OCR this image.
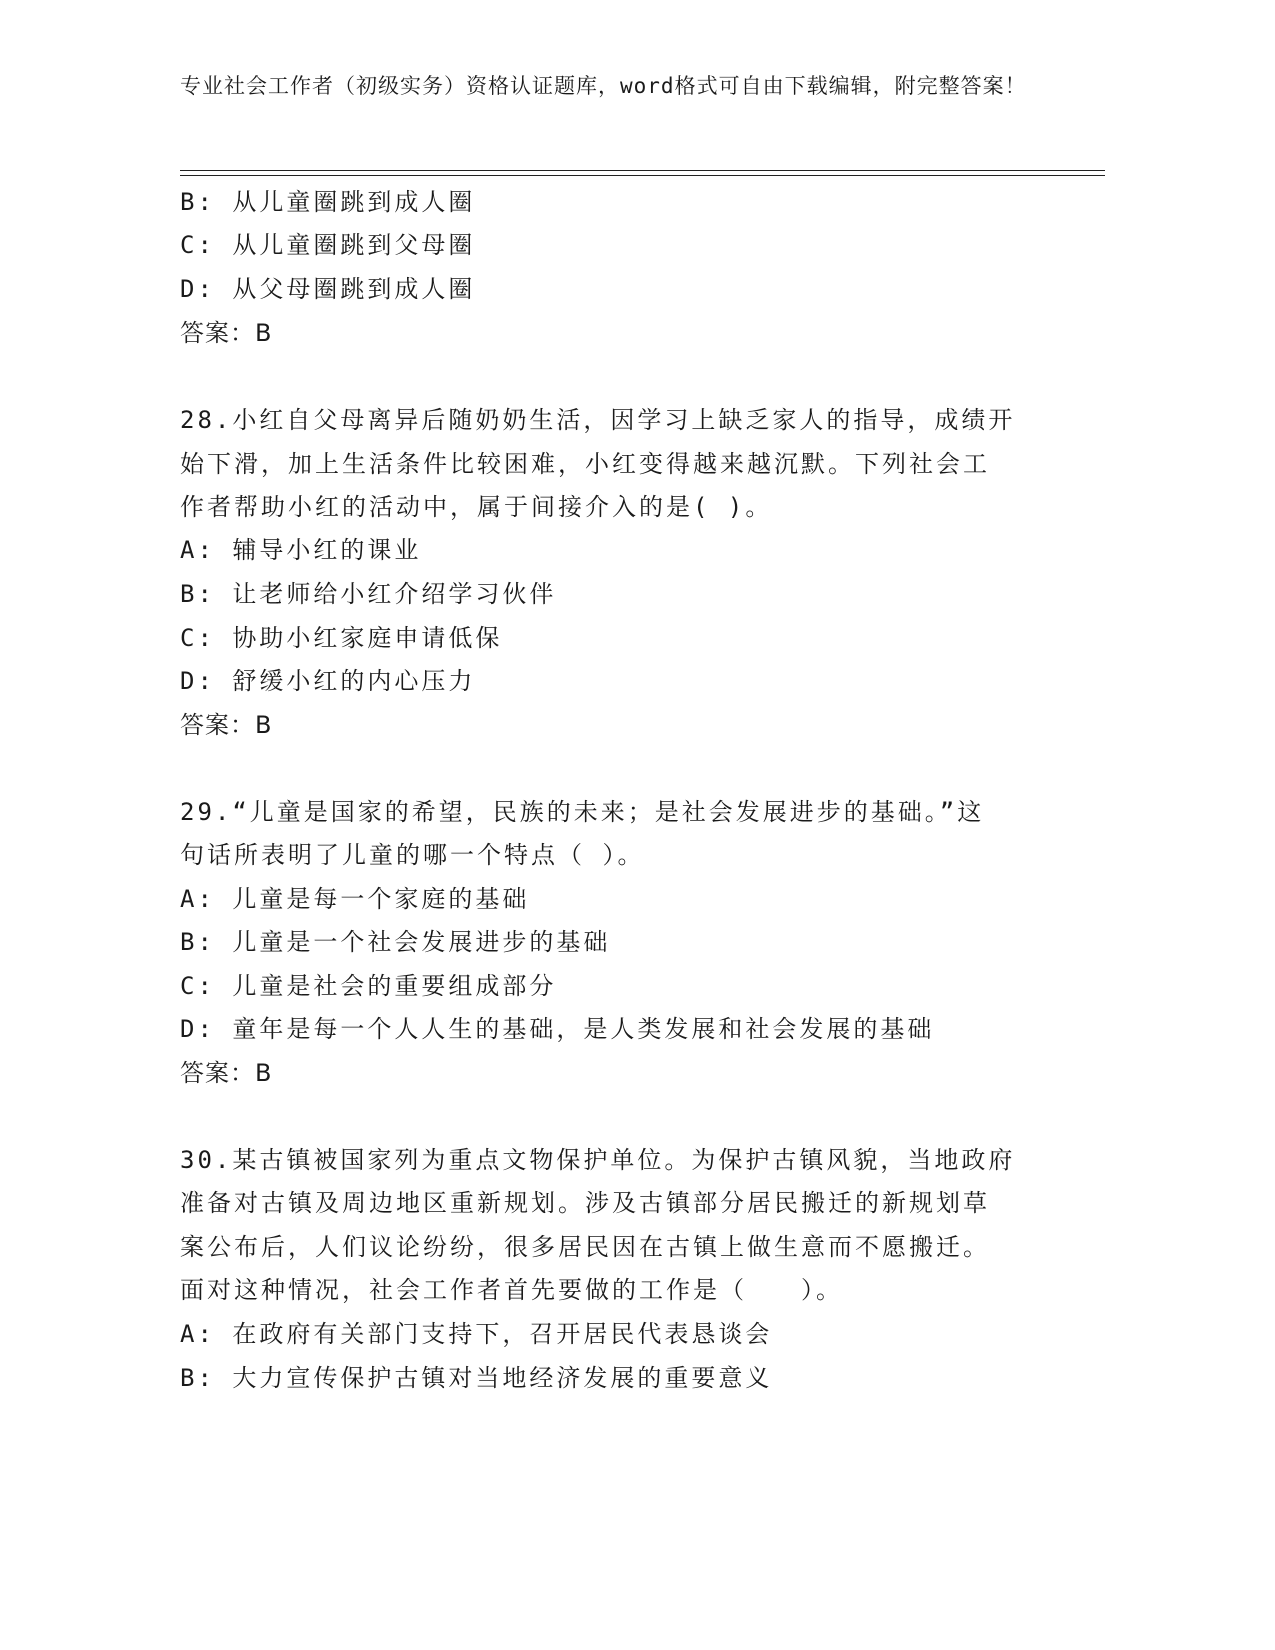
专业社会工作者（初级实务）资格认证题库，word格式可自由下载编辑，附完整答案！
B: 从儿童圈跳到成人圈
C: 从儿童圈跳到父母圈
D: 从父母圈跳到成人圈
答案：B
28.小红自父母离异后随奶奶生活，因学习上缺乏家人的指导，成绩开
始下滑，加上生活条件比较困难，小红变得越来越沉默。下列社会工
作者帮助小红的活动中，属于间接介入的是( )。
A: 辅导小红的课业
B: 让老师给小红介绍学习伙伴
C: 协助小红家庭申请低保
D: 舒缓小红的内心压力
答案：B
29.“儿童是国家的希望，民族的未来；是社会发展进步的基础。”这
句话所表明了儿童的哪一个特点（ ）。
A: 儿童是每一个家庭的基础
B: 儿童是一个社会发展进步的基础
C: 儿童是社会的重要组成部分
D: 童年是每一个人人生的基础，是人类发展和社会发展的基础
答案：B
30.某古镇被国家列为重点文物保护单位。为保护古镇风貌，当地政府
准备对古镇及周边地区重新规划。涉及古镇部分居民搬迁的新规划草
案公布后，人们议论纷纷，很多居民因在古镇上做生意而不愿搬迁。
面对这种情况，社会工作者首先要做的工作是（　　）。
A: 在政府有关部门支持下，召开居民代表恳谈会
B: 大力宣传保护古镇对当地经济发展的重要意义
